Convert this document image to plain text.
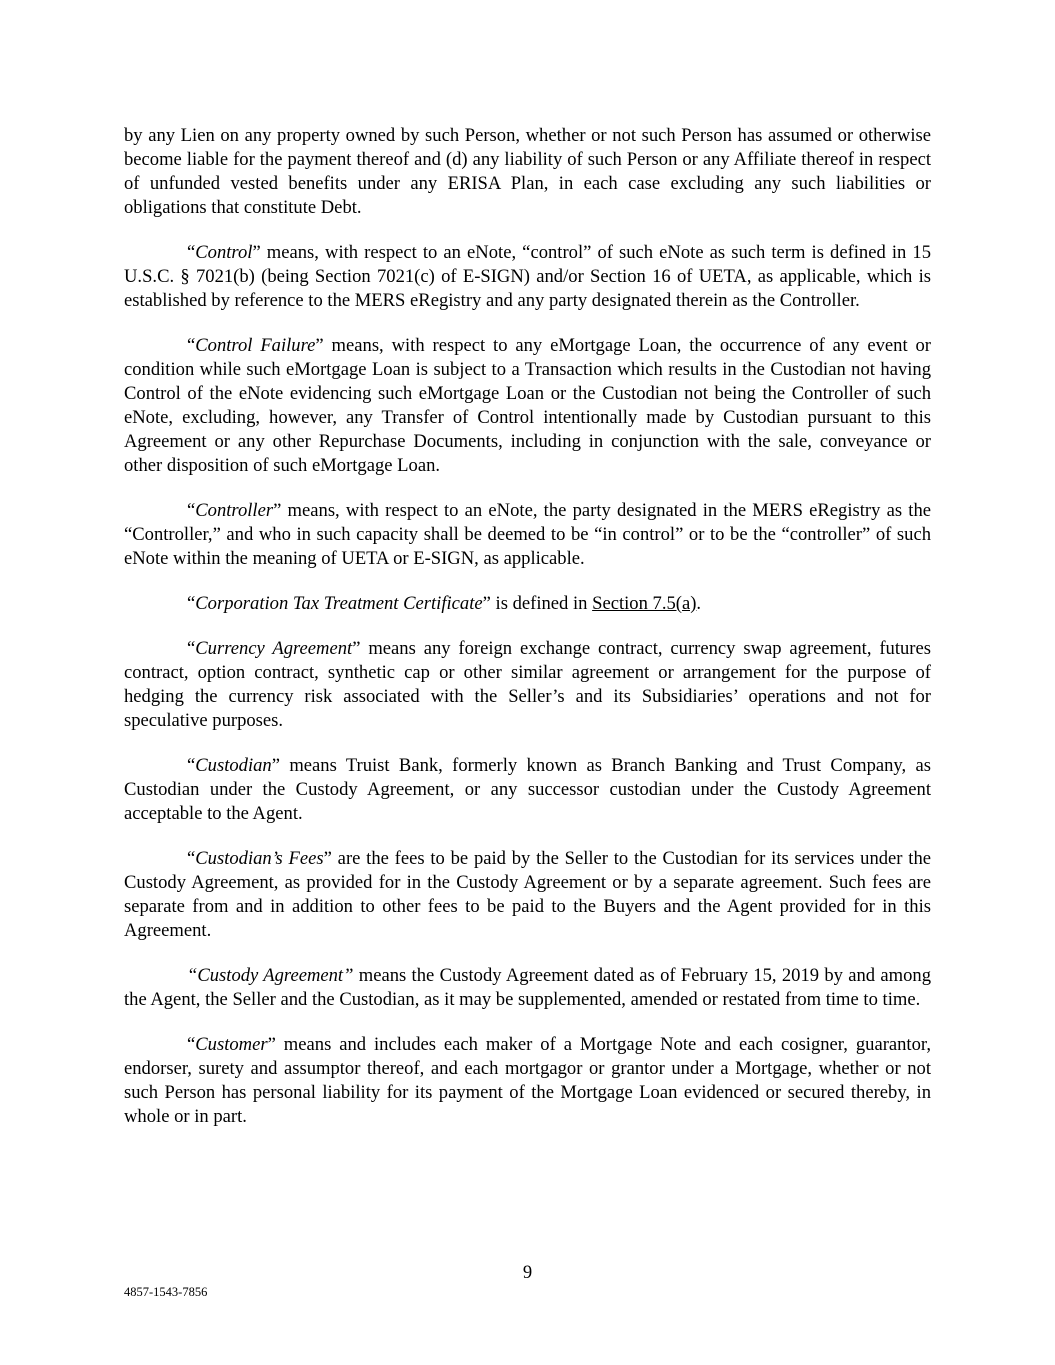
by any Lien on any property owned by such Person, whether or not such Person has assumed or otherwise become liable for the payment thereof and (d) any liability of such Person or any Affiliate thereof in respect of unfunded vested benefits under any ERISA Plan, in each case excluding any such liabilities or obligations that constitute Debt.

“Control” means, with respect to an eNote, “control” of such eNote as such term is defined in 15 U.S.C. § 7021(b) (being Section 7021(c) of E-SIGN) and/or Section 16 of UETA, as applicable, which is established by reference to the MERS eRegistry and any party designated therein as the Controller.

“Control Failure” means, with respect to any eMortgage Loan, the occurrence of any event or condition while such eMortgage Loan is subject to a Transaction which results in the Custodian not having Control of the eNote evidencing such eMortgage Loan or the Custodian not being the Controller of such eNote, excluding, however, any Transfer of Control intentionally made by Custodian pursuant to this Agreement or any other Repurchase Documents, including in conjunction with the sale, conveyance or other disposition of such eMortgage Loan.

“Controller” means, with respect to an eNote, the party designated in the MERS eRegistry as the “Controller,” and who in such capacity shall be deemed to be “in control” or to be the “controller” of such eNote within the meaning of UETA or E-SIGN, as applicable.

“Corporation Tax Treatment Certificate” is defined in Section 7.5(a).

“Currency Agreement” means any foreign exchange contract, currency swap agreement, futures contract, option contract, synthetic cap or other similar agreement or arrangement for the purpose of hedging the currency risk associated with the Seller’s and its Subsidiaries’ operations and not for speculative purposes.

“Custodian” means Truist Bank, formerly known as Branch Banking and Trust Company, as Custodian under the Custody Agreement, or any successor custodian under the Custody Agreement acceptable to the Agent.

“Custodian’s Fees” are the fees to be paid by the Seller to the Custodian for its services under the Custody Agreement, as provided for in the Custody Agreement or by a separate agreement. Such fees are separate from and in addition to other fees to be paid to the Buyers and the Agent provided for in this Agreement.

“Custody Agreement” means the Custody Agreement dated as of February 15, 2019 by and among the Agent, the Seller and the Custodian, as it may be supplemented, amended or restated from time to time.

“Customer” means and includes each maker of a Mortgage Note and each cosigner, guarantor, endorser, surety and assumptor thereof, and each mortgagor or grantor under a Mortgage, whether or not such Person has personal liability for its payment of the Mortgage Loan evidenced or secured thereby, in whole or in part.

9
4857-1543-7856
